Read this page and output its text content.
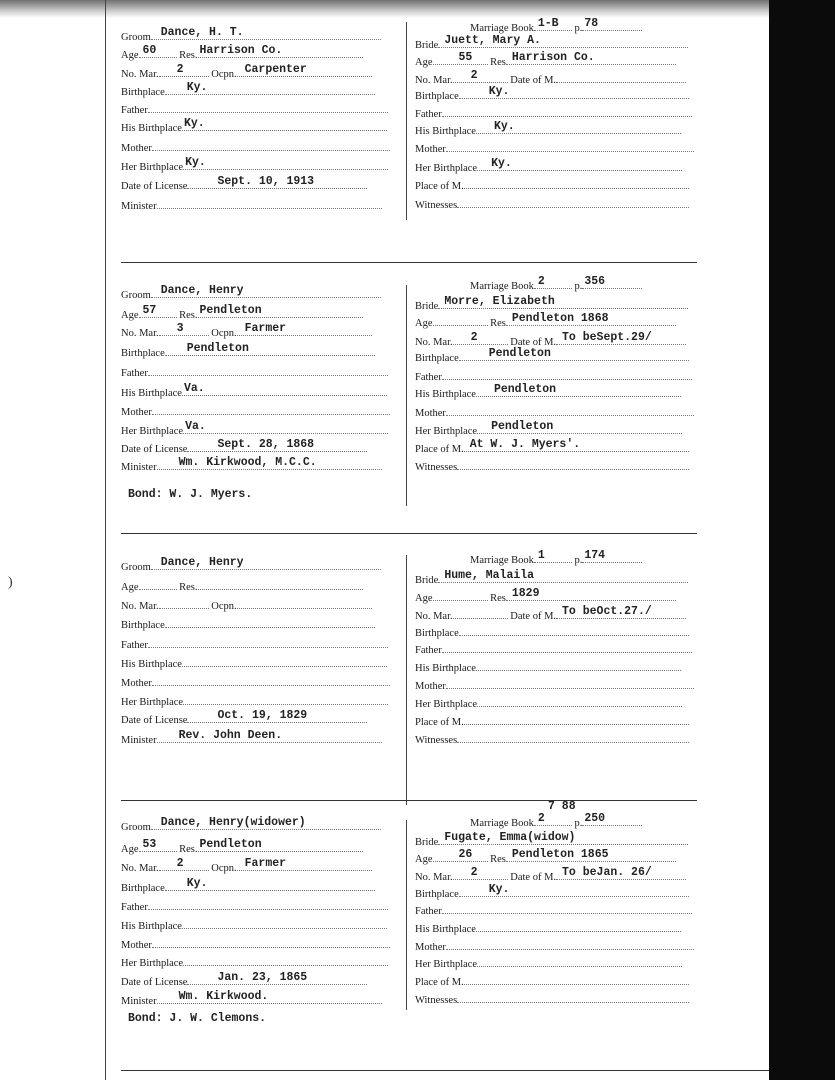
)
Groom Dance, H. T.
Age 60 Res. Harrison Co.
No. Mar. 2	Ocpn. Carpenter
Birthplace Ky.
Father
His Birthplace Ky.
Mother
Her Birthplace Ky.
Date of License	Sept. 10, 1913
Minister
Marriage Book 1-B p. 78
Bride Juett, Mary A.
Age 55 Res Harrison Co.
No. Mar. 2	Date of M.
Birthplace	Ky.
Father
His Birthplace Ky.
Mother
Her Birthplace Ky.
Place of M.
Witnesses
Groom Dance, Henry
Age 57 Res. Pendleton
No. Mar. 3	Ocpn. Farmer
Birthplace Pendleton
Father
His Birthplace Va.
Mother
Her Birthplace Va.
Date of License	Sept. 28, 1868
Minister Wm. Kirkwood, M.C.C.
Marriage Book 2	p. 356
Bride Morre, Elizabeth
Age	Res Pendleton 1868
No. Mar. 2	Date of M. To beSept.29/
Birthplace	Pendleton
Father
His Birthplace Pendleton
Mother
Her Birthplace Pendleton
Place of M. At W. J. Myers'.
Witnesses
Bond: W. J. Myers.
Groom Dance, Henry
Age	Res.
No. Mar.	Ocpn.
Birthplace
Father
His Birthplace
Mother
Her Birthplace
Date of License	Oct. 19, 1829
Minister Rev. John Deen.
Marriage Book 1	p. 174
Bride Hume, Malaila
Age	Res 1829
No. Mar.	Date of M. To beOct.27./
Birthplace
Father
His Birthplace
Mother
Her Birthplace
Place of M.
Witnesses
Groom Dance, Henry(widower)
Age 53 Res. Pendleton
No. Mar. 2	Ocpn. Farmer
Birthplace Ky.
Father
His Birthplace
Mother
Her Birthplace
Date of License	Jan. 23, 1865
Minister Wm. Kirkwood.
Marriage Book 2	p. 250
7 88
Bride Fugate, Emma(widow)
Age 26 Res Pendleton 1865
No. Mar. 2	Date of M. To beJan. 26/
Birthplace	Ky.
Father
His Birthplace
Mother
Her Birthplace
Place of M.
Witnesses
Bond: J. W. Clemons.
